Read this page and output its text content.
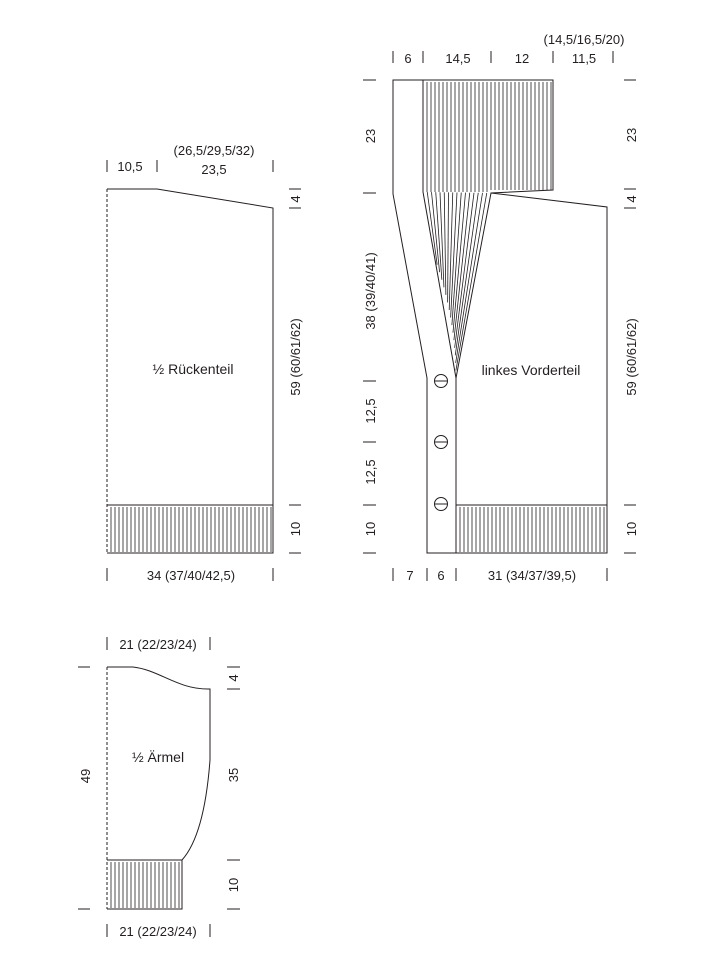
½ Rückenteil
10,5
(26,5/29,5/32)
23,5
4
59 (60/61/62)
10
34 (37/40/42,5)
linkes Vorderteil
6	14,5	12
(14,5/16,5/20)
11,5
23
38 (39/40/41)
12,5
12,5
10
23
4
59 (60/61/62)
10
7 6	31 (34/37/39,5)
½ Ärmel
21 (22/23/24)
49
4
35
10
21 (22/23/24)
